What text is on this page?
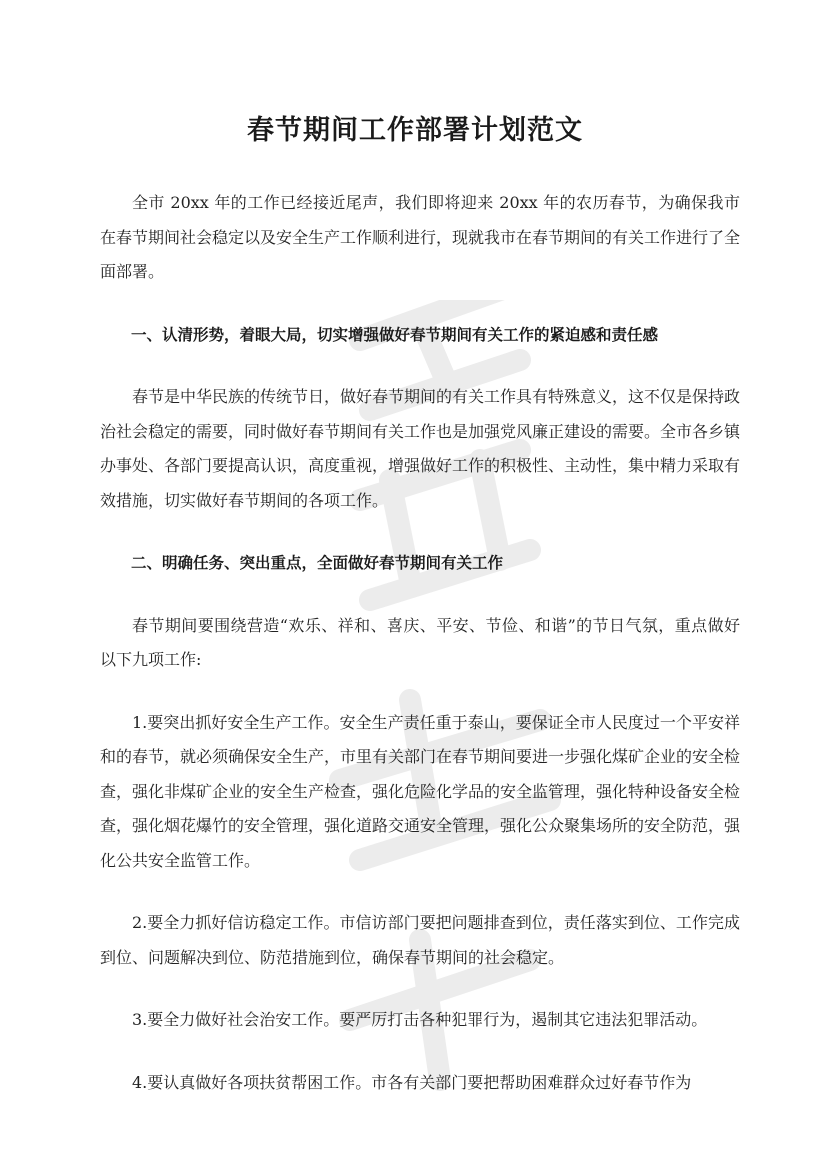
春节期间工作部署计划范文

全市 20xx 年的工作已经接近尾声，我们即将迎来 20xx 年的农历春节，为确保我市在春节期间社会稳定以及安全生产工作顺利进行，现就我市在春节期间的有关工作进行了全面部署。

一、认清形势，着眼大局，切实增强做好春节期间有关工作的紧迫感和责任感

春节是中华民族的传统节日，做好春节期间的有关工作具有特殊意义，这不仅是保持政治社会稳定的需要，同时做好春节期间有关工作也是加强党风廉正建设的需要。全市各乡镇办事处、各部门要提高认识，高度重视，增强做好工作的积极性、主动性，集中精力采取有效措施，切实做好春节期间的各项工作。

二、明确任务、突出重点，全面做好春节期间有关工作

春节期间要围绕营造“欢乐、祥和、喜庆、平安、节俭、和谐”的节日气氛，重点做好以下九项工作:

1.要突出抓好安全生产工作。安全生产责任重于泰山，要保证全市人民度过一个平安祥和的春节，就必须确保安全生产，市里有关部门在春节期间要进一步强化煤矿企业的安全检查，强化非煤矿企业的安全生产检查，强化危险化学品的安全监管理，强化特种设备安全检查，强化烟花爆竹的安全管理，强化道路交通安全管理，强化公众聚集场所的安全防范，强化公共安全监管工作。

2.要全力抓好信访稳定工作。市信访部门要把问题排查到位，责任落实到位、工作完成到位、问题解决到位、防范措施到位，确保春节期间的社会稳定。

3.要全力做好社会治安工作。要严厉打击各种犯罪行为，遏制其它违法犯罪活动。

4.要认真做好各项扶贫帮困工作。市各有关部门要把帮助困难群众过好春节作为
